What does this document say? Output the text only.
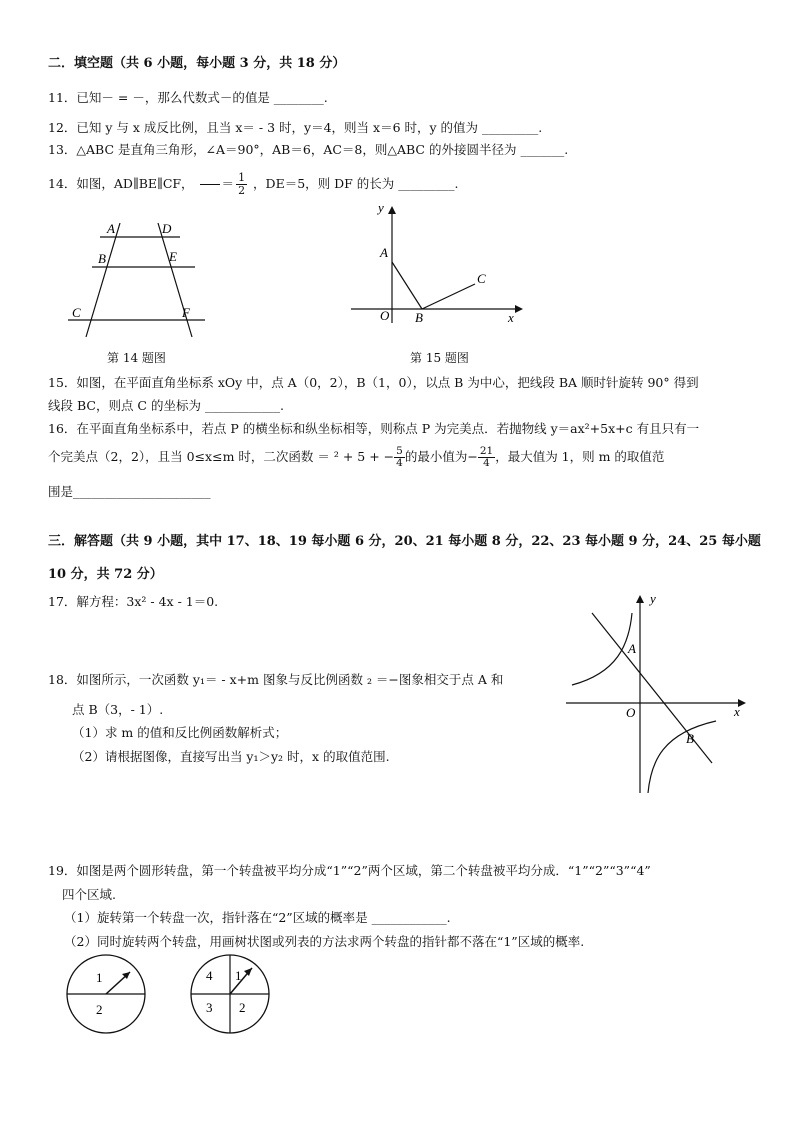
二．填空题（共 6 小题，每小题 3 分，共 18 分）
11．已知－ = －，那么代数式－的值是 ________.
12．已知 y 与 x 成反比例，且当 x＝ - 3 时，y＝4，则当 x＝6 时，y 的值为 _________.
13．△ABC 是直角三角形，∠A＝90°，AB＝6，AC＝8，则△ABC 的外接圆半径为 _______.
14．如图，AD∥BE∥CF， ＝ $\frac{1}{2}$ ，DE＝5，则 DF 的长为 _________.
A	D
B	E
C	F
第 14 题图
y
x
A
C
O B
第 15 题图
15．如图，在平面直角坐标系 xOy 中，点 A（0，2），B（1，0），以点 B 为中心，把线段 BA 顺时针旋转 90° 得到
线段 BC，则点 C 的坐标为 ____________.
16．在平面直角坐标系中，若点 P 的横坐标和纵坐标相等，则称点 P 为完美点．若抛物线 y＝ax²+5x+c 有且只有一
个完美点（2，2），且当 0≤x≤m 时，二次函数 ＝ ² + 5 + − $\frac{5}{4}$ 的最小值为− $\frac{21}{4}$ ，最大值为 1，则 m 的取值范
围是______________________
三．解答题（共 9 小题，其中 17、18、19 每小题 6 分，20、21 每小题 8 分，22、23 每小题 9 分，24、25 每小题
10 分，共 72 分）
17．解方程：3x² - 4x - 1＝0.
18．如图所示，一次函数 y₁＝ - x+m 图象与反比例函数 ₂ ＝−图象相交于点 A 和
点 B（3，- 1）.
（1）求 m 的值和反比例函数解析式；
（2）请根据图像，直接写出当 y₁＞y₂ 时，x 的取值范围.
y
x
A
O
B
19．如图是两个圆形转盘，第一个转盘被平均分成“1”“2”两个区域，第二个转盘被平均分成．“1”“2”“3”“4”
四个区域.
（1）旋转第一个转盘一次，指针落在“2”区域的概率是 ____________.
（2）同时旋转两个转盘，用画树状图或列表的方法求两个转盘的指针都不落在“1”区域的概率.
1
2
4 1
3 2
